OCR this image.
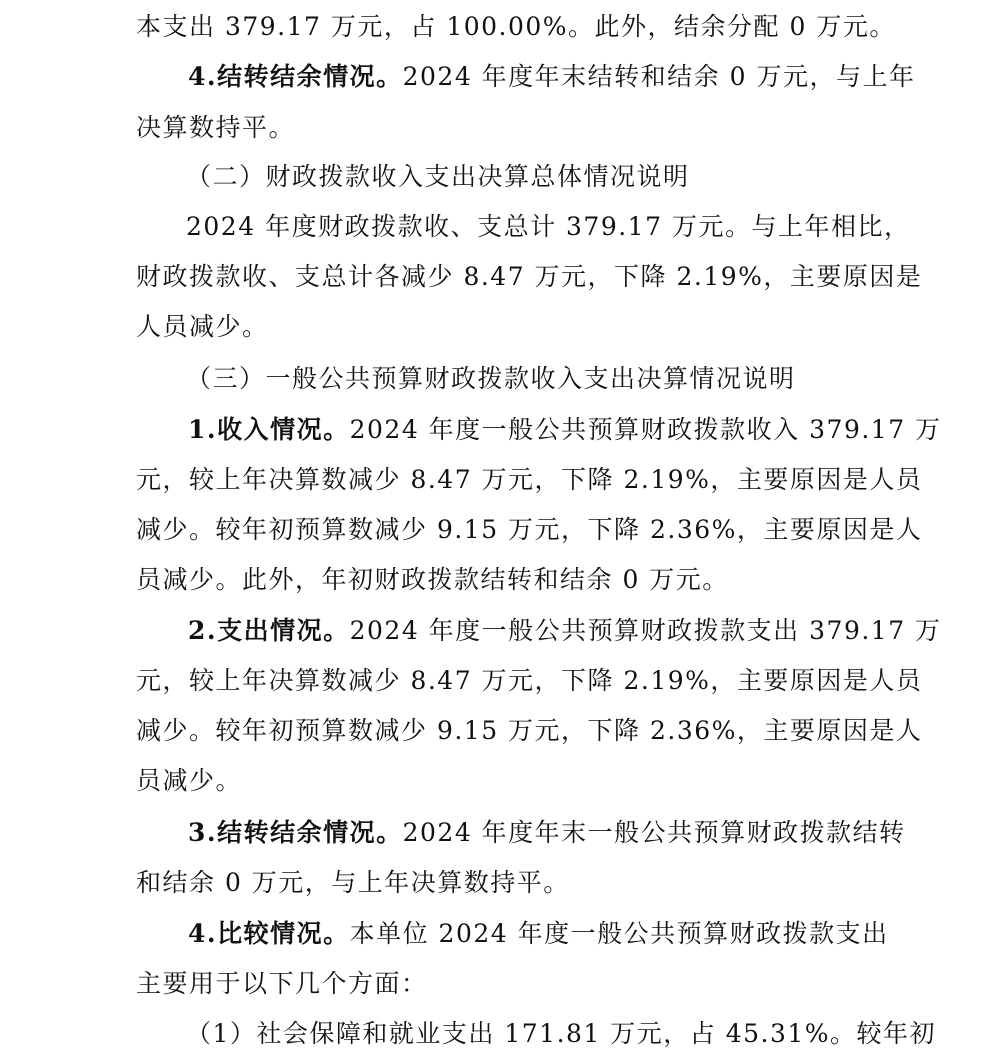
本支出 379.17 万元，占 100.00%。此外，结余分配 0 万元。
4.结转结余情况。2024 年度年末结转和结余 0 万元，与上年
决算数持平。
（二）财政拨款收入支出决算总体情况说明
2024 年度财政拨款收、支总计 379.17 万元。与上年相比，
财政拨款收、支总计各减少 8.47 万元，下降 2.19%，主要原因是
人员减少。
（三）一般公共预算财政拨款收入支出决算情况说明
1.收入情况。2024 年度一般公共预算财政拨款收入 379.17 万
元，较上年决算数减少 8.47 万元，下降 2.19%，主要原因是人员
减少。较年初预算数减少 9.15 万元，下降 2.36%，主要原因是人
员减少。此外，年初财政拨款结转和结余 0 万元。
2.支出情况。2024 年度一般公共预算财政拨款支出 379.17 万
元，较上年决算数减少 8.47 万元，下降 2.19%，主要原因是人员
减少。较年初预算数减少 9.15 万元，下降 2.36%，主要原因是人
员减少。
3.结转结余情况。2024 年度年末一般公共预算财政拨款结转
和结余 0 万元，与上年决算数持平。
4.比较情况。本单位 2024 年度一般公共预算财政拨款支出
主要用于以下几个方面：
（1）社会保障和就业支出 171.81 万元，占 45.31%。较年初
